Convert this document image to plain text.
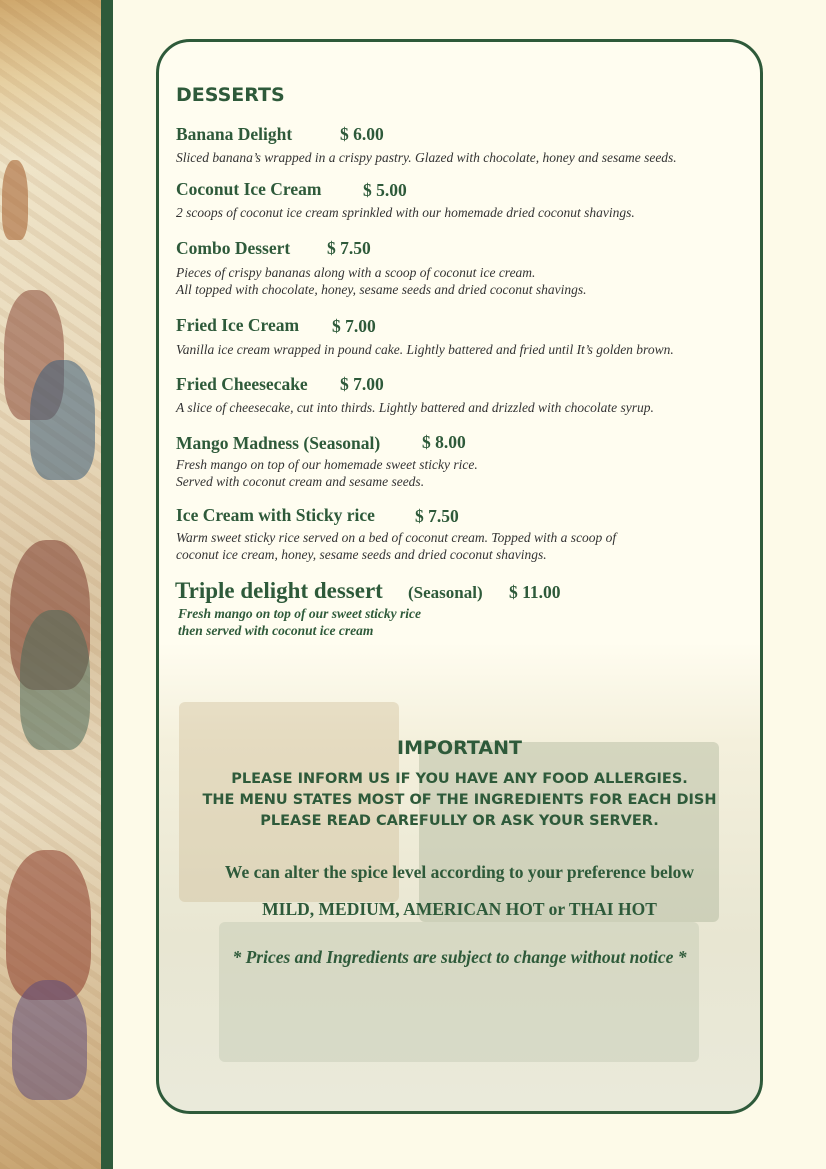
DESSERTS
Banana Delight	$ 6.00
Sliced banana’s wrapped in a crispy pastry. Glazed with chocolate, honey and sesame seeds.
Coconut Ice Cream $ 5.00
2 scoops of coconut ice cream sprinkled with our homemade dried coconut shavings.
Combo Dessert $ 7.50
Pieces of crispy bananas along with a scoop of coconut ice cream.
All topped with chocolate, honey, sesame seeds and dried coconut shavings.
Fried Ice Cream $ 7.00
Vanilla ice cream wrapped in pound cake. Lightly battered and fried until It’s golden brown.
Fried Cheesecake $ 7.00
A slice of cheesecake, cut into thirds. Lightly battered and drizzled with chocolate syrup.
Mango Madness (Seasonal) $ 8.00
Fresh mango on top of our homemade sweet sticky rice.
Served with coconut cream and sesame seeds.
Ice Cream with Sticky rice $ 7.50
Warm sweet sticky rice served on a bed of coconut cream. Topped with a scoop of
coconut ice cream, honey, sesame seeds and dried coconut shavings.
Triple delight dessert (Seasonal) $ 11.00
Fresh mango on top of our sweet sticky rice
then served with coconut ice cream
IMPORTANT
PLEASE INFORM US IF YOU HAVE ANY FOOD ALLERGIES.
THE MENU STATES MOST OF THE INGREDIENTS FOR EACH DISH
PLEASE READ CAREFULLY OR ASK YOUR SERVER.
We can alter the spice level according to your preference below
MILD, MEDIUM, AMERICAN HOT or THAI HOT
* Prices and Ingredients are subject to change without notice *
